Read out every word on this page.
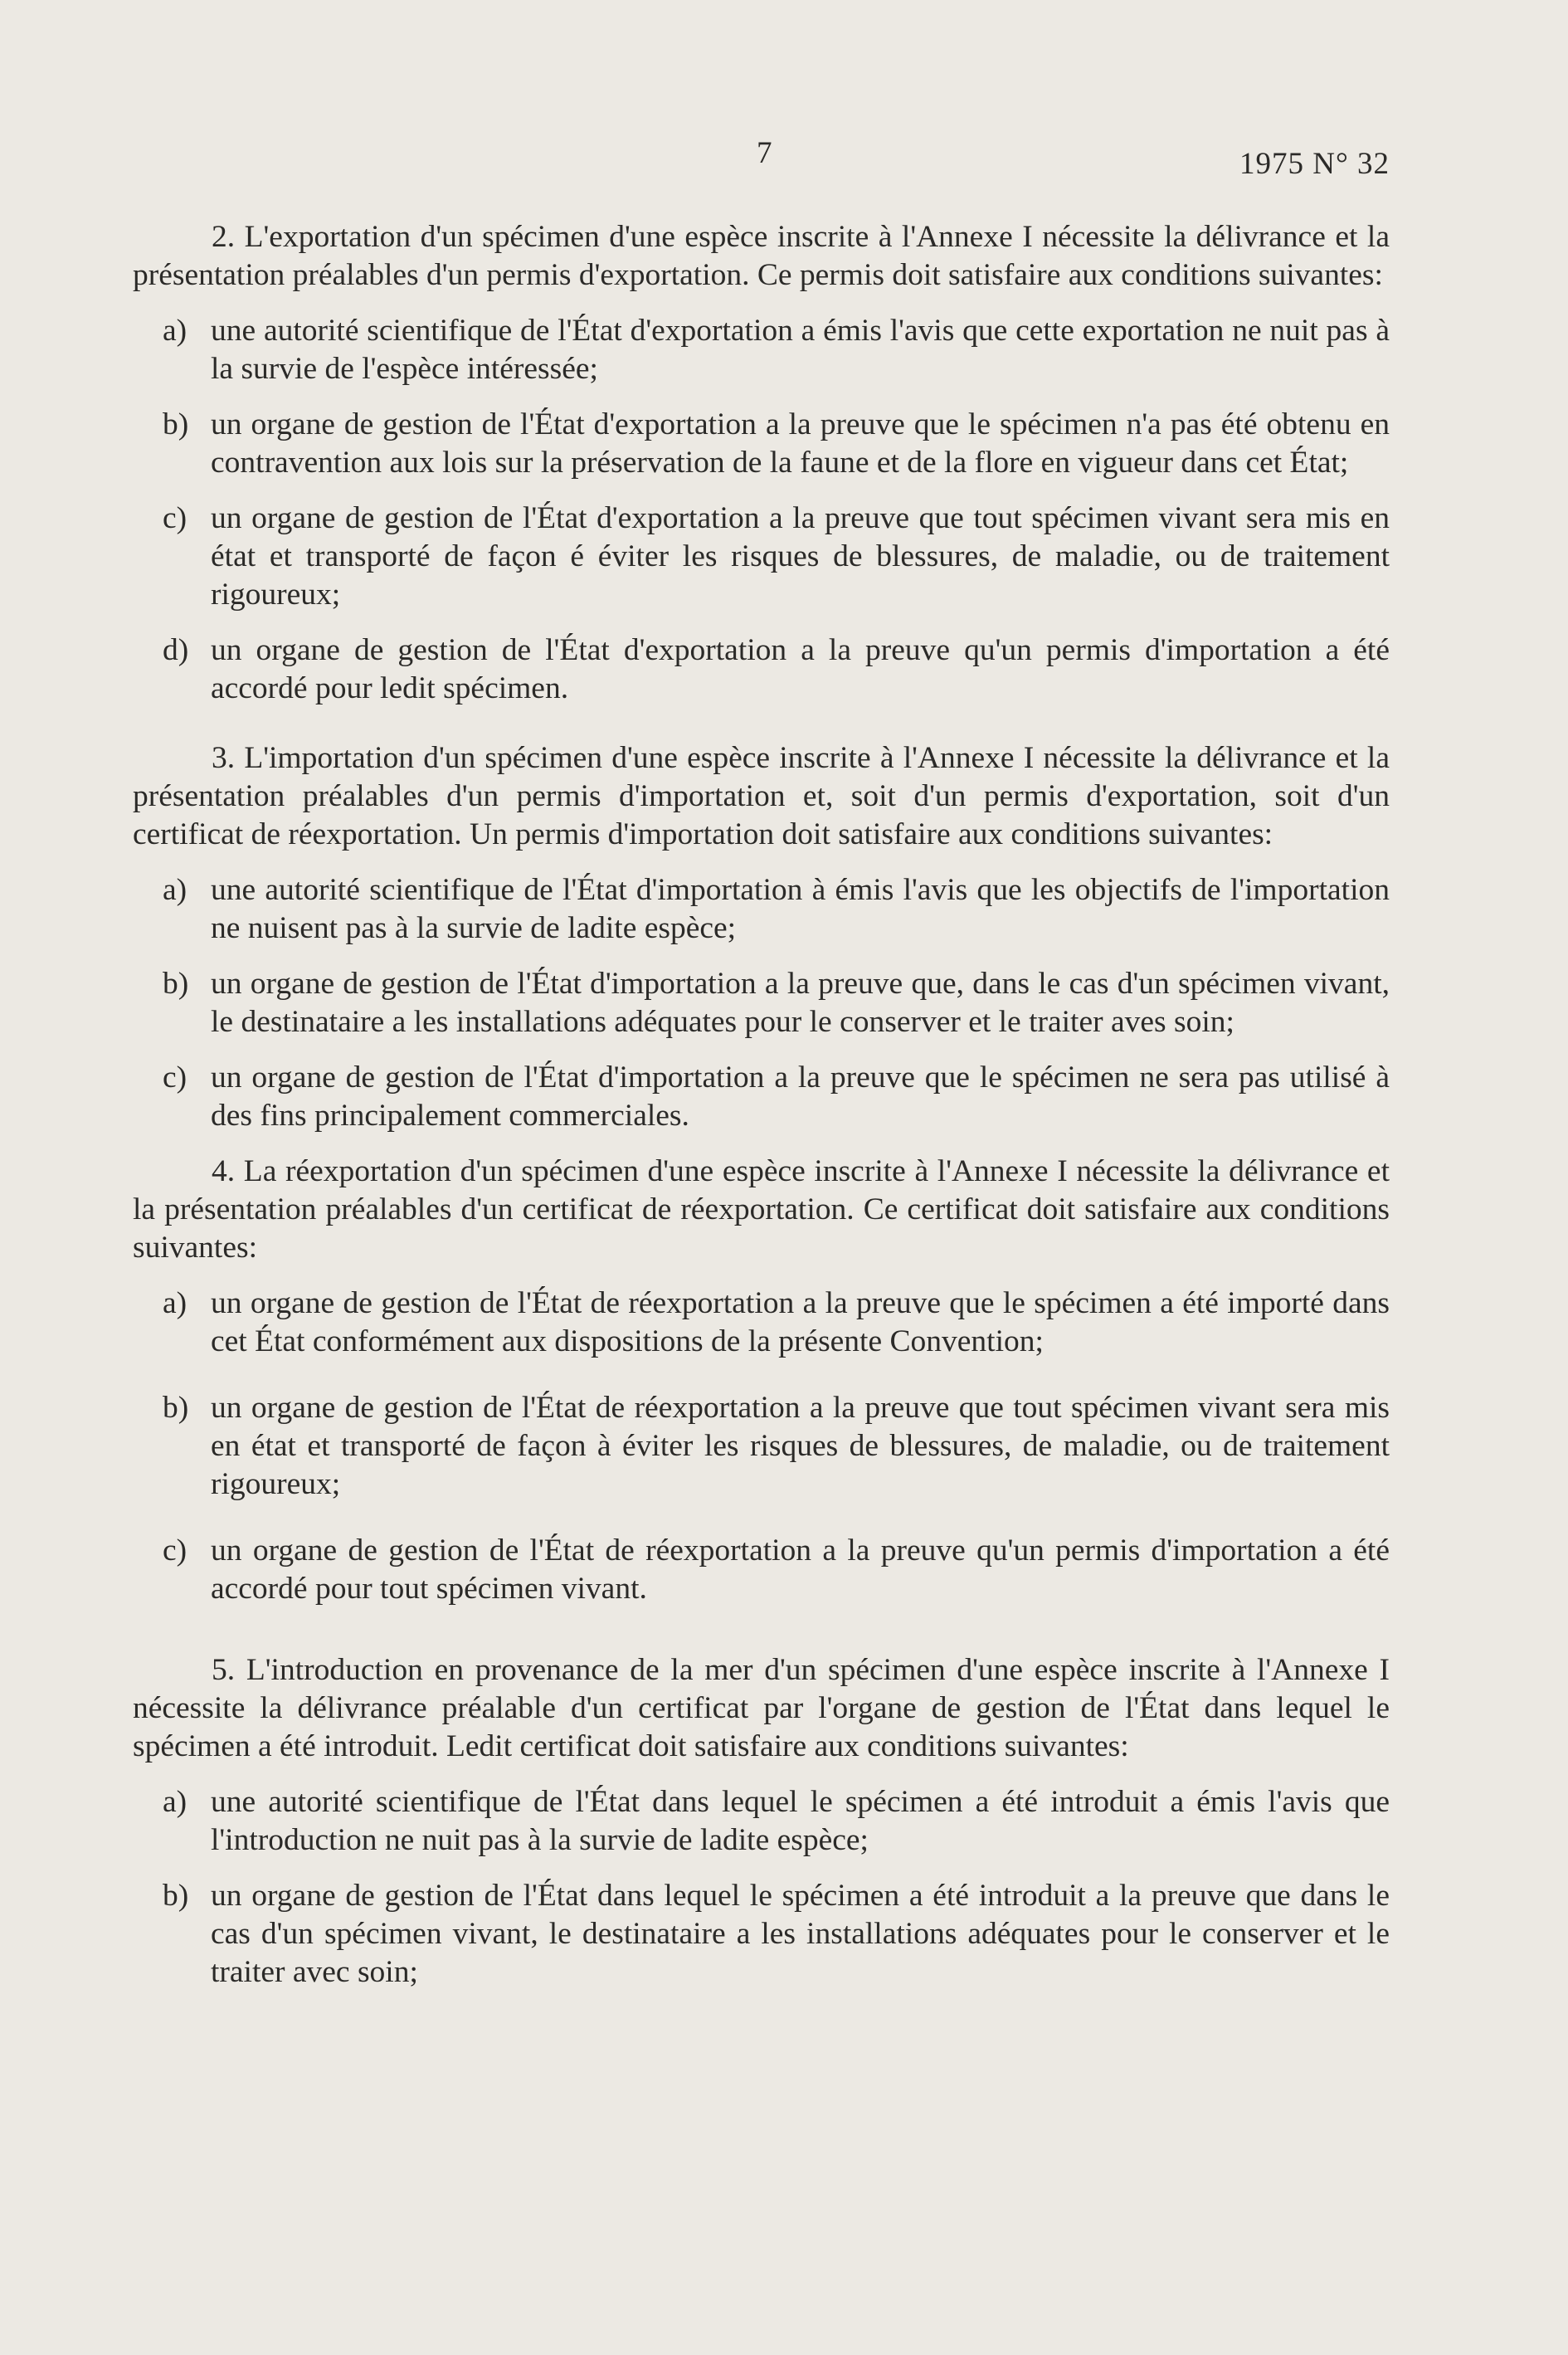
7	1975 N° 32

2. L'exportation d'un spécimen d'une espèce inscrite à l'Annexe I nécessite la délivrance et la présentation préalables d'un permis d'exportation. Ce permis doit satisfaire aux conditions suivantes:

a) une autorité scientifique de l'État d'exportation a émis l'avis que cette exportation ne nuit pas à la survie de l'espèce intéressée;
b) un organe de gestion de l'État d'exportation a la preuve que le spécimen n'a pas été obtenu en contravention aux lois sur la préservation de la faune et de la flore en vigueur dans cet État;
c) un organe de gestion de l'État d'exportation a la preuve que tout spécimen vivant sera mis en état et transporté de façon é éviter les risques de blessures, de maladie, ou de traitement rigoureux;
d) un organe de gestion de l'État d'exportation a la preuve qu'un permis d'importation a été accordé pour ledit spécimen.

3. L'importation d'un spécimen d'une espèce inscrite à l'Annexe I nécessite la délivrance et la présentation préalables d'un permis d'importation et, soit d'un permis d'exportation, soit d'un certificat de réexportation. Un permis d'importation doit satisfaire aux conditions suivantes:

a) une autorité scientifique de l'État d'importation à émis l'avis que les objectifs de l'importation ne nuisent pas à la survie de ladite espèce;
b) un organe de gestion de l'État d'importation a la preuve que, dans le cas d'un spécimen vivant, le destinataire a les installations adéquates pour le conserver et le traiter aves soin;
c) un organe de gestion de l'État d'importation a la preuve que le spécimen ne sera pas utilisé à des fins principalement commerciales.

4. La réexportation d'un spécimen d'une espèce inscrite à l'Annexe I nécessite la délivrance et la présentation préalables d'un certificat de réexportation. Ce certificat doit satisfaire aux conditions suivantes:

a) un organe de gestion de l'État de réexportation a la preuve que le spécimen a été importé dans cet État conformément aux dispositions de la présente Convention;
b) un organe de gestion de l'État de réexportation a la preuve que tout spécimen vivant sera mis en état et transporté de façon à éviter les risques de blessures, de maladie, ou de traitement rigoureux;
c) un organe de gestion de l'État de réexportation a la preuve qu'un permis d'importation a été accordé pour tout spécimen vivant.

5. L'introduction en provenance de la mer d'un spécimen d'une espèce inscrite à l'Annexe I nécessite la délivrance préalable d'un certificat par l'organe de gestion de l'État dans lequel le spécimen a été introduit. Ledit certificat doit satisfaire aux conditions suivantes:

a) une autorité scientifique de l'État dans lequel le spécimen a été introduit a émis l'avis que l'introduction ne nuit pas à la survie de ladite espèce;
b) un organe de gestion de l'État dans lequel le spécimen a été introduit a la preuve que dans le cas d'un spécimen vivant, le destinataire a les installations adéquates pour le conserver et le traiter avec soin;
